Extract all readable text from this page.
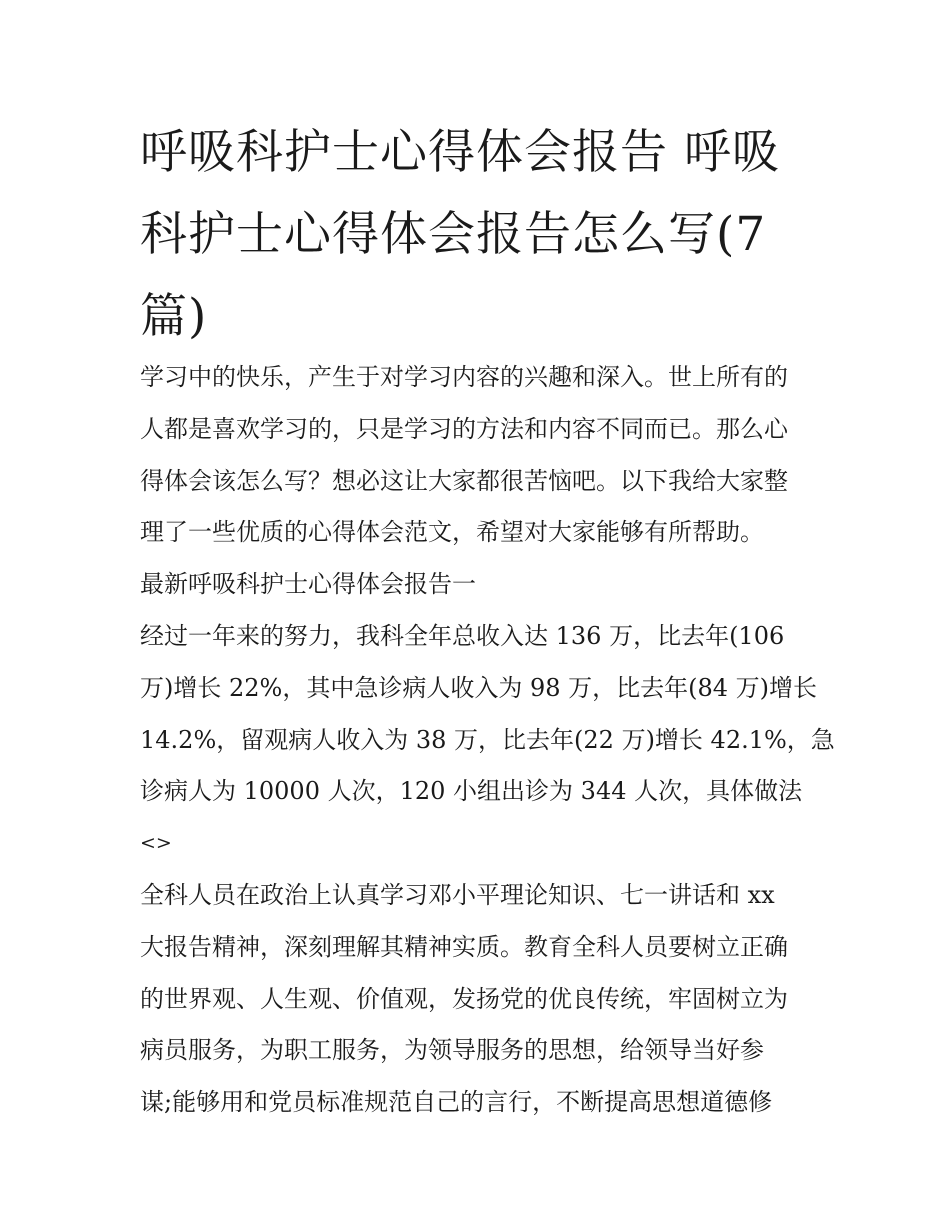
呼吸科护士心得体会报告 呼吸
科护士心得体会报告怎么写(7
篇)
学习中的快乐，产生于对学习内容的兴趣和深入。世上所有的
人都是喜欢学习的，只是学习的方法和内容不同而已。那么心
得体会该怎么写？想必这让大家都很苦恼吧。以下我给大家整
理了一些优质的心得体会范文，希望对大家能够有所帮助。
最新呼吸科护士心得体会报告一
经过一年来的努力，我科全年总收入达 136 万，比去年(106
万)增长 22%，其中急诊病人收入为 98 万，比去年(84 万)增长
14.2%，留观病人收入为 38 万，比去年(22 万)增长 42.1%，急
诊病人为 10000 人次，120 小组出诊为 344 人次，具体做法
<>
全科人员在政治上认真学习邓小平理论知识、七一讲话和 xx
大报告精神，深刻理解其精神实质。教育全科人员要树立正确
的世界观、人生观、价值观，发扬党的优良传统，牢固树立为
病员服务，为职工服务，为领导服务的思想，给领导当好参
谋;能够用和党员标准规范自己的言行，不断提高思想道德修
